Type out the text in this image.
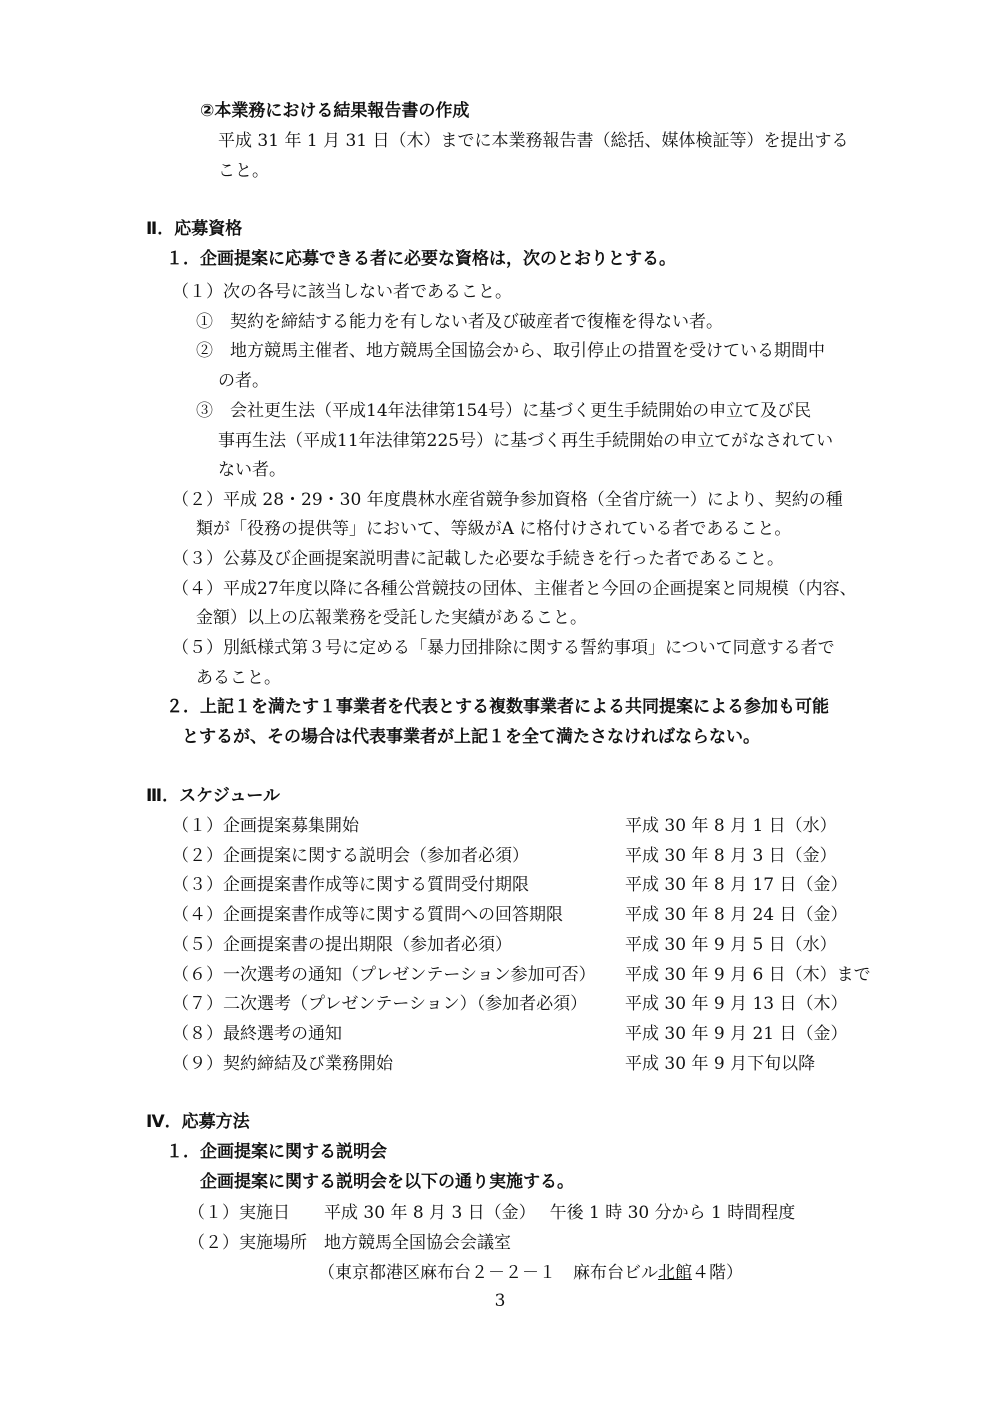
②本業務における結果報告書の作成
平成 31 年 1 月 31 日（木）までに本業務報告書（総括、媒体検証等）を提出する
こと。
Ⅱ．応募資格
１．企画提案に応募できる者に必要な資格は，次のとおりとする。
（１）次の各号に該当しない者であること。
①　契約を締結する能力を有しない者及び破産者で復権を得ない者。
②　地方競馬主催者、地方競馬全国協会から、取引停止の措置を受けている期間中
の者。
③　会社更生法（平成14年法律第154号）に基づく更生手続開始の申立て及び民
事再生法（平成11年法律第225号）に基づく再生手続開始の申立てがなされてい
ない者。
（２）平成 28・29・30 年度農林水産省競争参加資格（全省庁統一）により、契約の種
類が「役務の提供等」において、等級がA に格付けされている者であること。
（３）公募及び企画提案説明書に記載した必要な手続きを行った者であること。
（４）平成27年度以降に各種公営競技の団体、主催者と今回の企画提案と同規模（内容、
金額）以上の広報業務を受託した実績があること。
（５）別紙様式第３号に定める「暴力団排除に関する誓約事項」について同意する者で
あること。
２．上記１を満たす１事業者を代表とする複数事業者による共同提案による参加も可能
とするが、その場合は代表事業者が上記１を全て満たさなければならない。
Ⅲ．スケジュール
（１）企画提案募集開始	平成 30 年 8 月 1 日（水）
（２）企画提案に関する説明会（参加者必須）	平成 30 年 8 月 3 日（金）
（３）企画提案書作成等に関する質問受付期限	平成 30 年 8 月 17 日（金）
（４）企画提案書作成等に関する質問への回答期限	平成 30 年 8 月 24 日（金）
（５）企画提案書の提出期限（参加者必須）	平成 30 年 9 月 5 日（水）
（６）一次選考の通知（プレゼンテーション参加可否） 平成 30 年 9 月 6 日（木）まで
（７）二次選考（プレゼンテーション）（参加者必須） 平成 30 年 9 月 13 日（木）
（８）最終選考の通知	平成 30 年 9 月 21 日（金）
（９）契約締結及び業務開始	平成 30 年 9 月下旬以降
Ⅳ．応募方法
１．企画提案に関する説明会
企画提案に関する説明会を以下の通り実施する。
（１）実施日　　平成 30 年 8 月 3 日（金）　 午後 1 時 30 分から 1 時間程度
（２）実施場所　地方競馬全国協会会議室
（東京都港区麻布台２－２－１　麻布台ビル北館４階）
3
